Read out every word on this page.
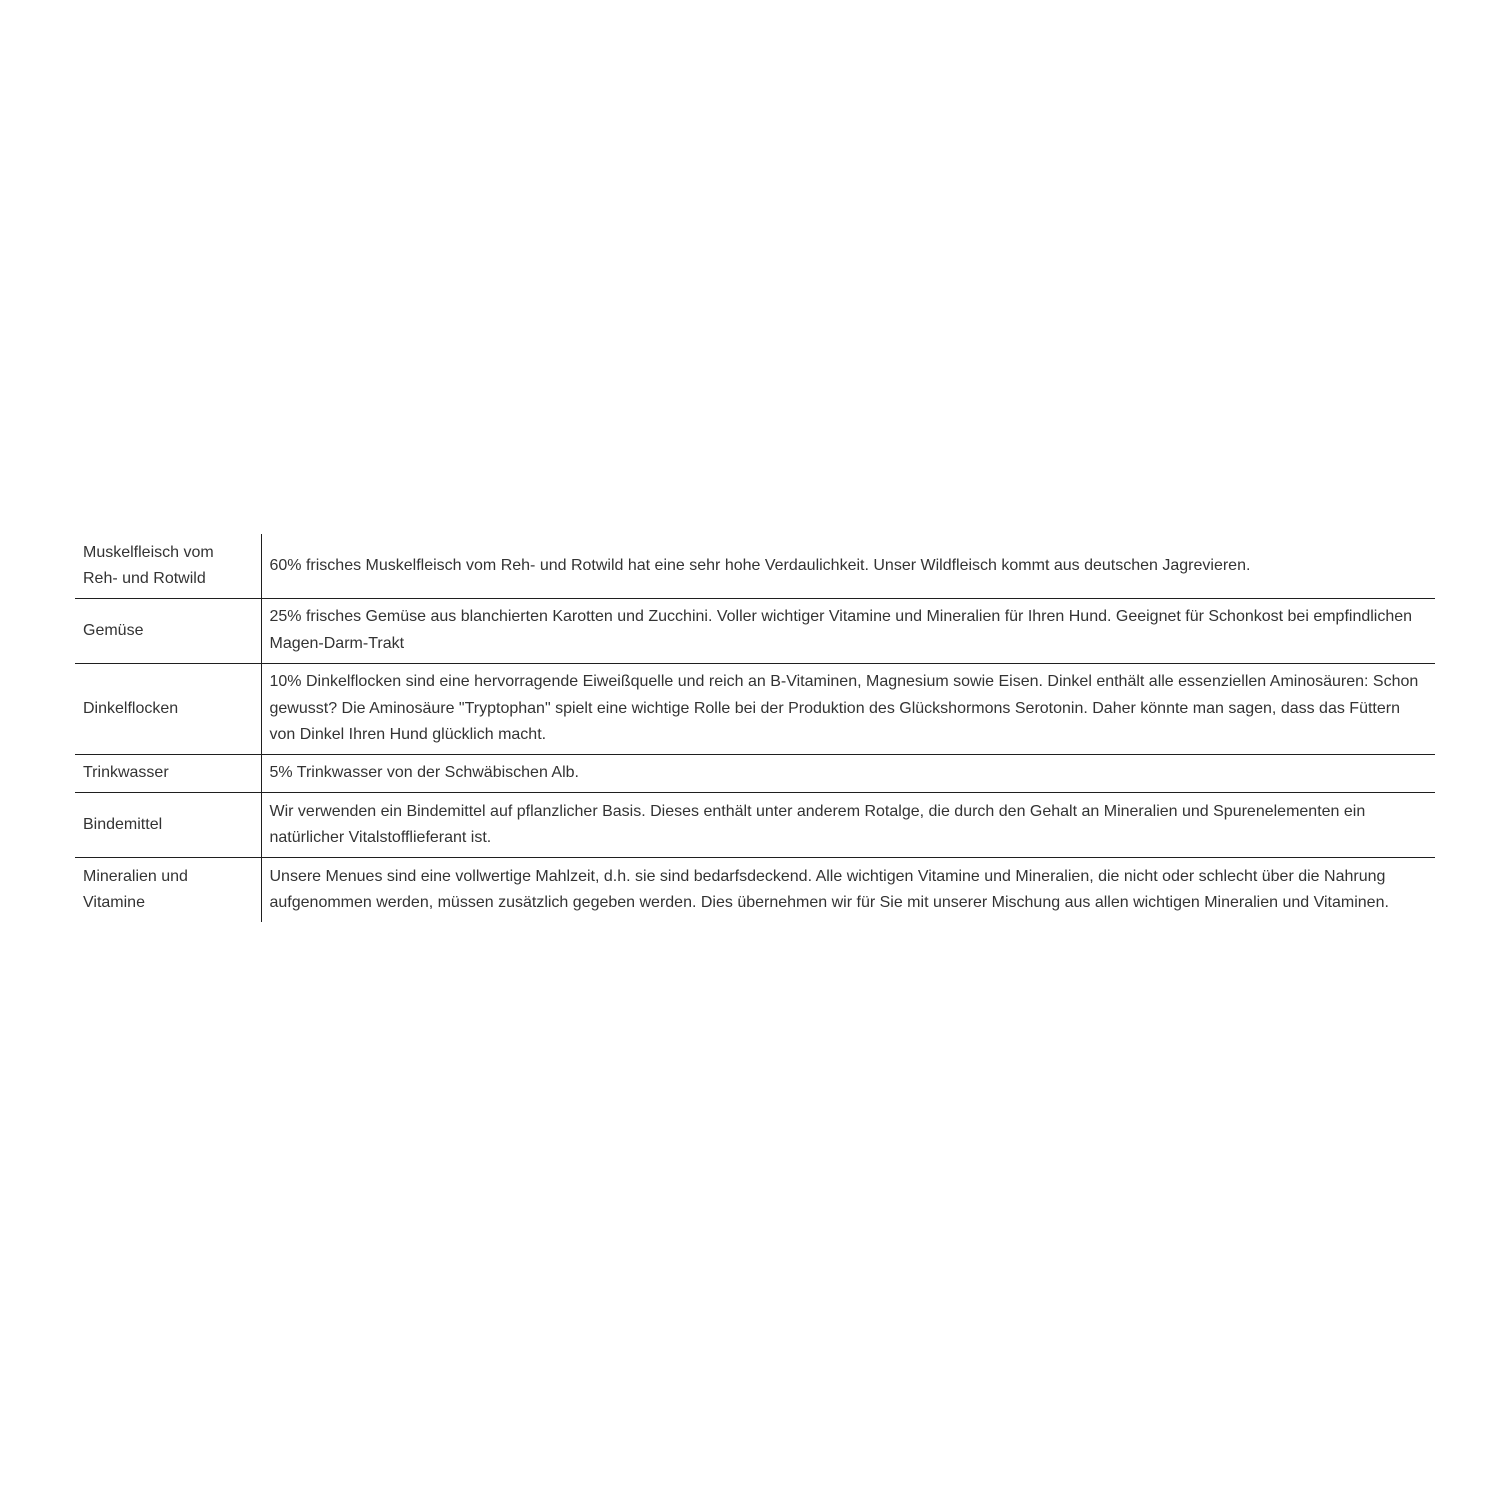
Muskelfleisch vom Reh- und Rotwild	60% frisches Muskelfleisch vom Reh- und Rotwild hat eine sehr hohe Verdaulichkeit. Unser Wildfleisch kommt aus deutschen Jagrevieren.
Gemüse	25% frisches Gemüse aus blanchierten Karotten und Zucchini. Voller wichtiger Vitamine und Mineralien für Ihren Hund. Geeignet für Schonkost bei empfindlichen Magen-Darm-Trakt
Dinkelflocken	10% Dinkelflocken sind eine hervorragende Eiweißquelle und reich an B-Vitaminen, Magnesium sowie Eisen. Dinkel enthält alle essenziellen Aminosäuren: Schon gewusst? Die Aminosäure "Tryptophan" spielt eine wichtige Rolle bei der Produktion des Glückshormons Serotonin. Daher könnte man sagen, dass das Füttern von Dinkel Ihren Hund glücklich macht.
Trinkwasser	5% Trinkwasser von der Schwäbischen Alb.
Bindemittel	Wir verwenden ein Bindemittel auf pflanzlicher Basis. Dieses enthält unter anderem Rotalge, die durch den Gehalt an Mineralien und Spurenelementen ein natürlicher Vitalstofflieferant ist.
Mineralien und Vitamine	Unsere Menues sind eine vollwertige Mahlzeit, d.h. sie sind bedarfsdeckend. Alle wichtigen Vitamine und Mineralien, die nicht oder schlecht über die Nahrung aufgenommen werden, müssen zusätzlich gegeben werden. Dies übernehmen wir für Sie mit unserer Mischung aus allen wichtigen Mineralien und Vitaminen.
